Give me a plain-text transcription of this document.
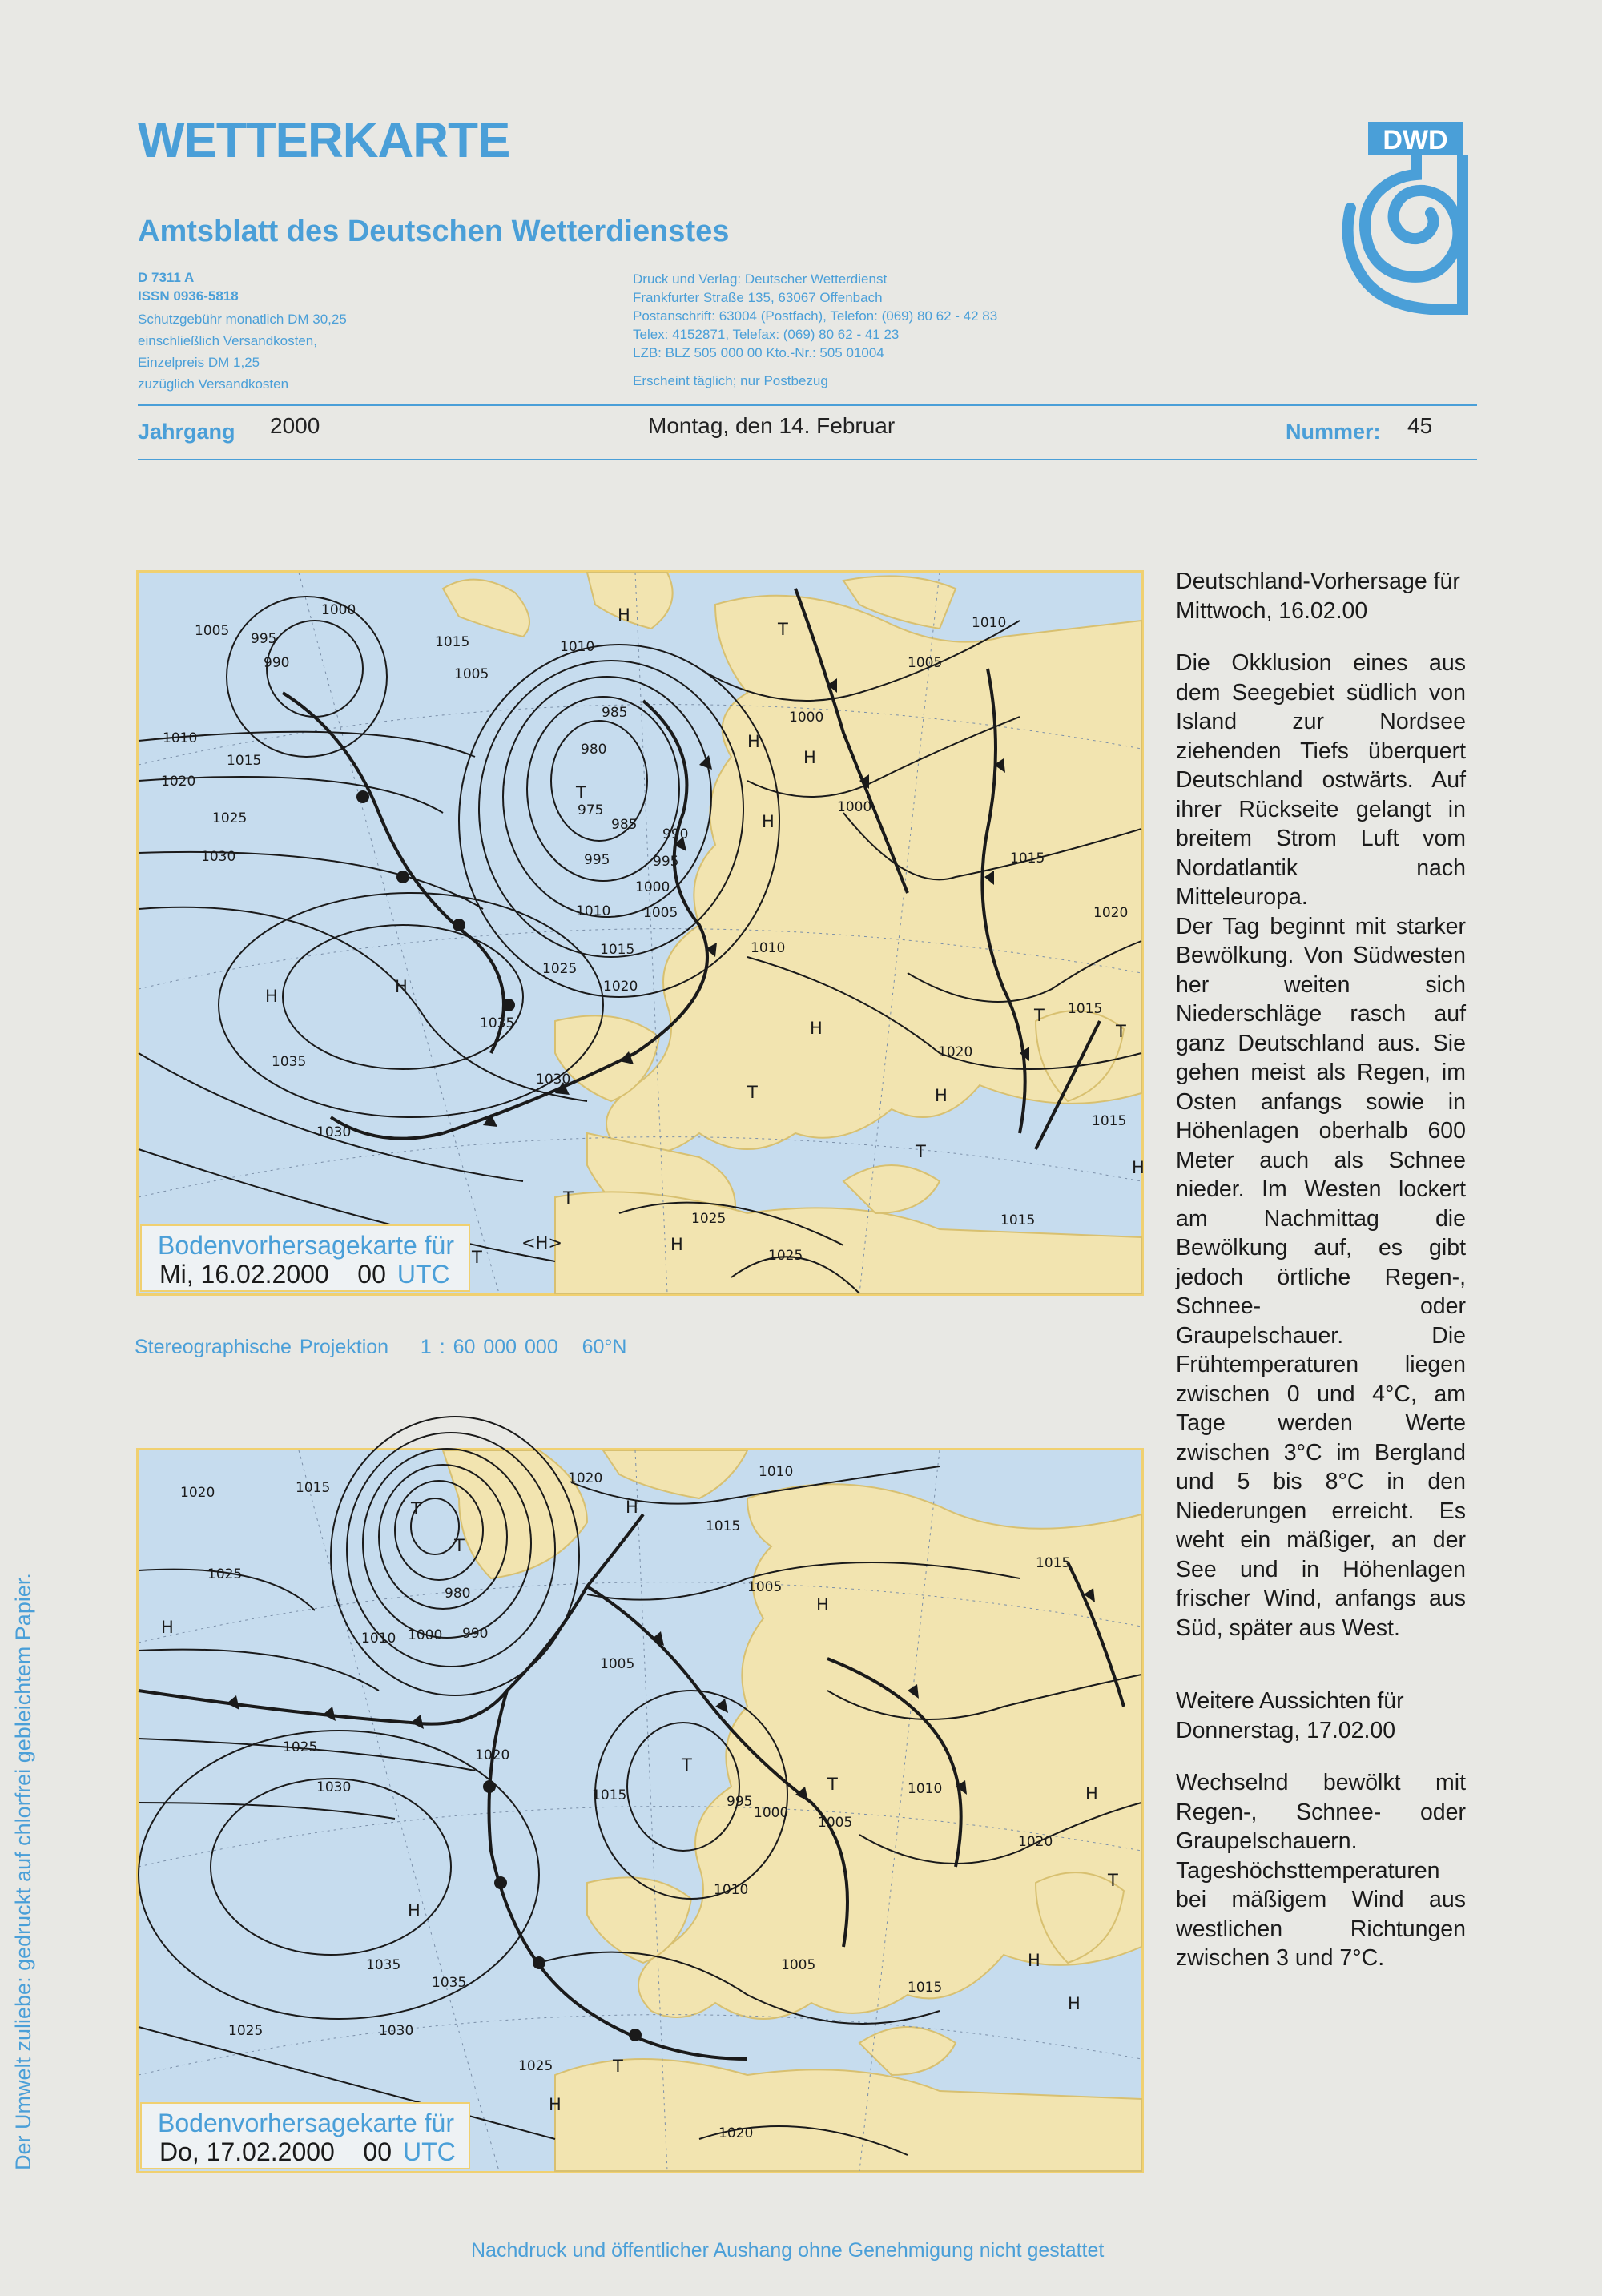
WETTERKARTE
Amtsblatt des Deutschen Wetterdienstes
D 7311 A
ISSN 0936-5818
Schutzgebühr monatlich DM 30,25
einschließlich Versandkosten,
Einzelpreis DM 1,25
zuzüglich Versandkosten
Druck und Verlag: Deutscher Wetterdienst
Frankfurter Straße 135, 63067 Offenbach
Postanschrift: 63004 (Postfach), Telefon: (069) 80 62 - 42 83
Telex: 4152871, Telefax: (069) 80 62 - 41 23
LZB: BLZ 505 000 00 Kto.-Nr.: 505 01004
Erscheint täglich; nur Postbezug
DWD
Jahrgang 2000	Montag, den 14. Februar	Nummer: 45
1000
1005 995
990
1015	1010
1005
1010
1015
1020
1025
1030
985
980
975
985
990
995	995
1000
1005
1010
1015
1020
1025
1035
1035
1030
1030
1000
1005
1000
1010
1015
1020
1015
1010
1020
1015
1015
1025
1025
H
H
T
T
H
H
H
H
H
T
T
T
T
H
<H>	H
T
T
H
Bodenvorhersagekarte für
Mi, 16.02.2000 00 UTC
Stereographische Projektion 1 : 60 000 000 60°N
1020	1015
1025
980
1010 1000 990
1020	1010
1015
1005
1005
1015
1025
1030
1020
1015	995
1000
1005
1010
1010
1020
1005
1015
1035
1035
1025	1030
1025
1020
H
H
T
T
H
T
T
T
H
H
H
H
T
H
Bodenvorhersagekarte für
Do, 17.02.2000 00 UTC

Deutschland-Vorhersage für Mittwoch, 16.02.00

Die Okklusion eines aus dem Seegebiet südlich von Island zur Nordsee ziehenden Tiefs überquert Deutschland ostwärts. Auf ihrer Rückseite gelangt in breitem Strom Luft vom Nordatlantik nach Mitteleuropa.

Der Tag beginnt mit starker Bewölkung. Von Südwesten her weiten sich Niederschläge rasch auf ganz Deutschland aus. Sie gehen meist als Regen, im Osten anfangs sowie in Höhenlagen oberhalb 600 Meter auch als Schnee nieder. Im Westen lockert am Nachmittag die Bewölkung auf, es gibt jedoch örtliche Regen-, Schnee- oder Graupelschauer. Die Frühtemperaturen liegen zwischen 0 und 4°C, am Tage werden Werte zwischen 3°C im Bergland und 5 bis 8°C in den Niederungen erreicht. Es weht ein mäßiger, an der See und in Höhenlagen frischer Wind, anfangs aus Süd, später aus West.

Weitere Aussichten für Donnerstag, 17.02.00

Wechselnd bewölkt mit Regen-, Schnee- oder Graupelschauern. Tageshöchsttemperaturen bei mäßigem Wind aus westlichen Richtungen zwischen 3 und 7°C.

Der Umwelt zuliebe: gedruckt auf chlorfrei gebleichtem Papier.
Nachdruck und öffentlicher Aushang ohne Genehmigung nicht gestattet
